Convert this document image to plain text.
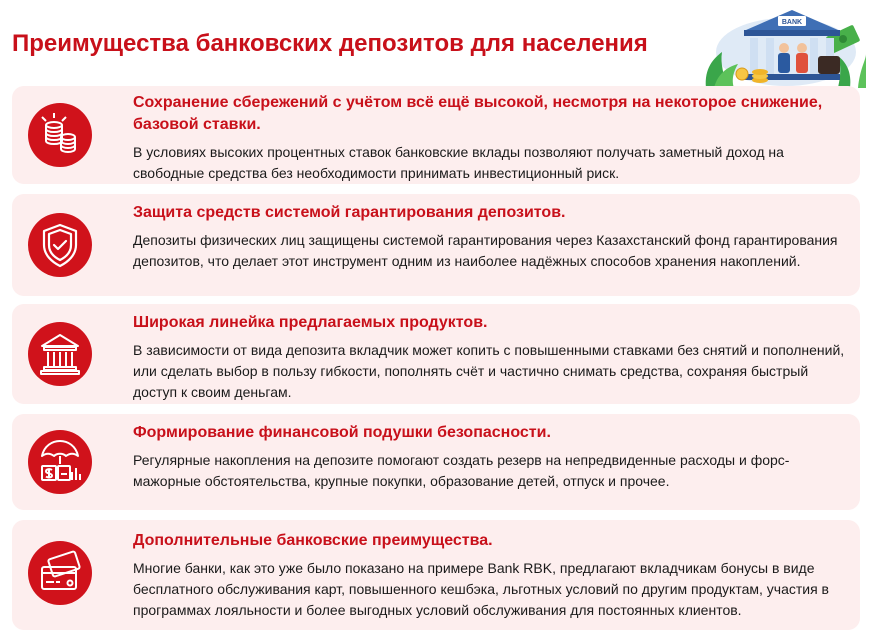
Преимущества банковских депозитов для населения
BANK
Сохранение сбережений с учётом всё ещё высокой, несмотря на некоторое снижение, базовой ставки.
В условиях высоких процентных ставок банковские вклады позволяют получать заметный доход на свободные средства без необходимости принимать инвестиционный риск.
Защита средств системой гарантирования депозитов.
Депозиты физических лиц защищены системой гарантирования через Казахстанский фонд гарантирования депозитов, что делает этот инструмент одним из наиболее надёжных способов хранения накоплений.
Широкая линейка предлагаемых продуктов.
В зависимости от вида депозита вкладчик может копить с повышенными ставками без снятий и пополнений, или сделать выбор в пользу гибкости, пополнять счёт и частично снимать средства, сохраняя быстрый доступ к своим деньгам.
Формирование финансовой подушки безопасности.
Регулярные накопления на депозите помогают создать резерв на непредвиденные расходы и форс-мажорные обстоятельства, крупные покупки, образование детей, отпуск и прочее.
Дополнительные банковские преимущества.
Многие банки, как это уже было показано на примере Bank RBK, предлагают вкладчикам бонусы в виде бесплатного обслуживания карт, повышенного кешбэка, льготных условий по другим продуктам, участия в программах лояльности и более выгодных условий обслуживания для постоянных клиентов.
